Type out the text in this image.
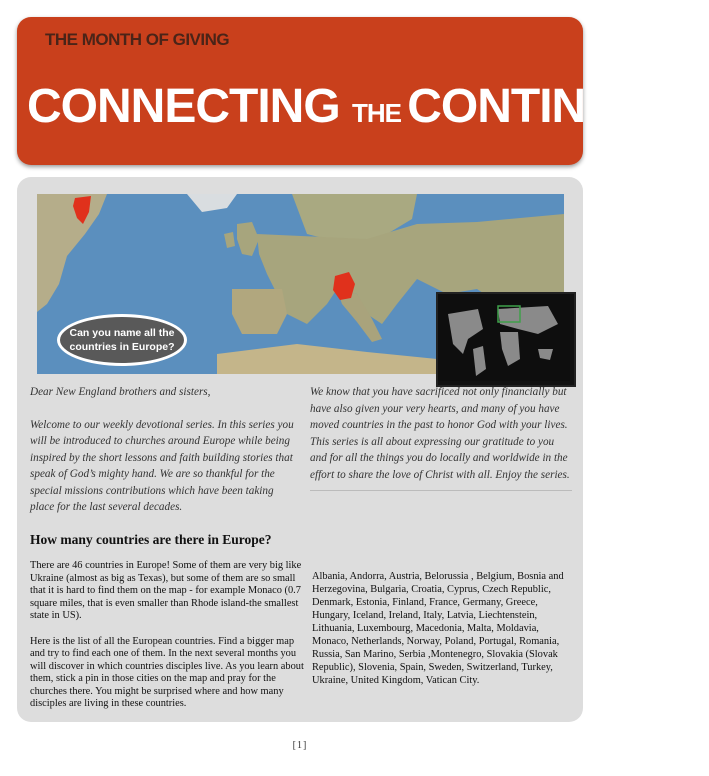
THE MONTH OF GIVING
CONNECTING THE CONTINENTS
Can you name all the countries in Europe?

Dear New England brothers and sisters,

Welcome to our weekly devotional series. In this series you will be introduced to churches around Europe while being inspired by the short lessons and faith building stories that speak of God’s mighty hand. We are so thankful for the special missions contributions which have been taking place for the last several decades.

We know that you have sacrificed not only financially but have also given your very hearts, and many of you have moved countries in the past to honor God with your lives.

This series is all about expressing our gratitude to you and for all the things you do locally and worldwide in the effort to share the love of Christ with all. Enjoy the series.

How many countries are there in Europe?

There are 46 countries in Europe! Some of them are very big like Ukraine (almost as big as Texas), but some of them are so small that it is hard to find them on the map - for example Monaco (0.7 square miles, that is even smaller than Rhode island-the smallest state in US).

Here is the list of all the European countries. Find a bigger map and try to find each one of them. In the next several months you will discover in which countries disciples live. As you learn about them, stick a pin in those cities on the map and pray for the churches there. You might be surprised where and how many disciples are living in these countries.

Albania, Andorra, Austria, Belorussia , Belgium, Bosnia and Herzegovina, Bulgaria, Croatia, Cyprus, Czech Republic, Denmark, Estonia, Finland, France, Germany, Greece, Hungary, Iceland, Ireland, Italy, Latvia, Liechtenstein, Lithuania, Luxembourg, Macedonia, Malta, Moldavia, Monaco, Netherlands, Norway, Poland, Portugal, Romania, Russia, San Marino, Serbia ,Montenegro, Slovakia (Slovak Republic), Slovenia, Spain, Sweden, Switzerland, Turkey, Ukraine, United Kingdom, Vatican City.
[1]
